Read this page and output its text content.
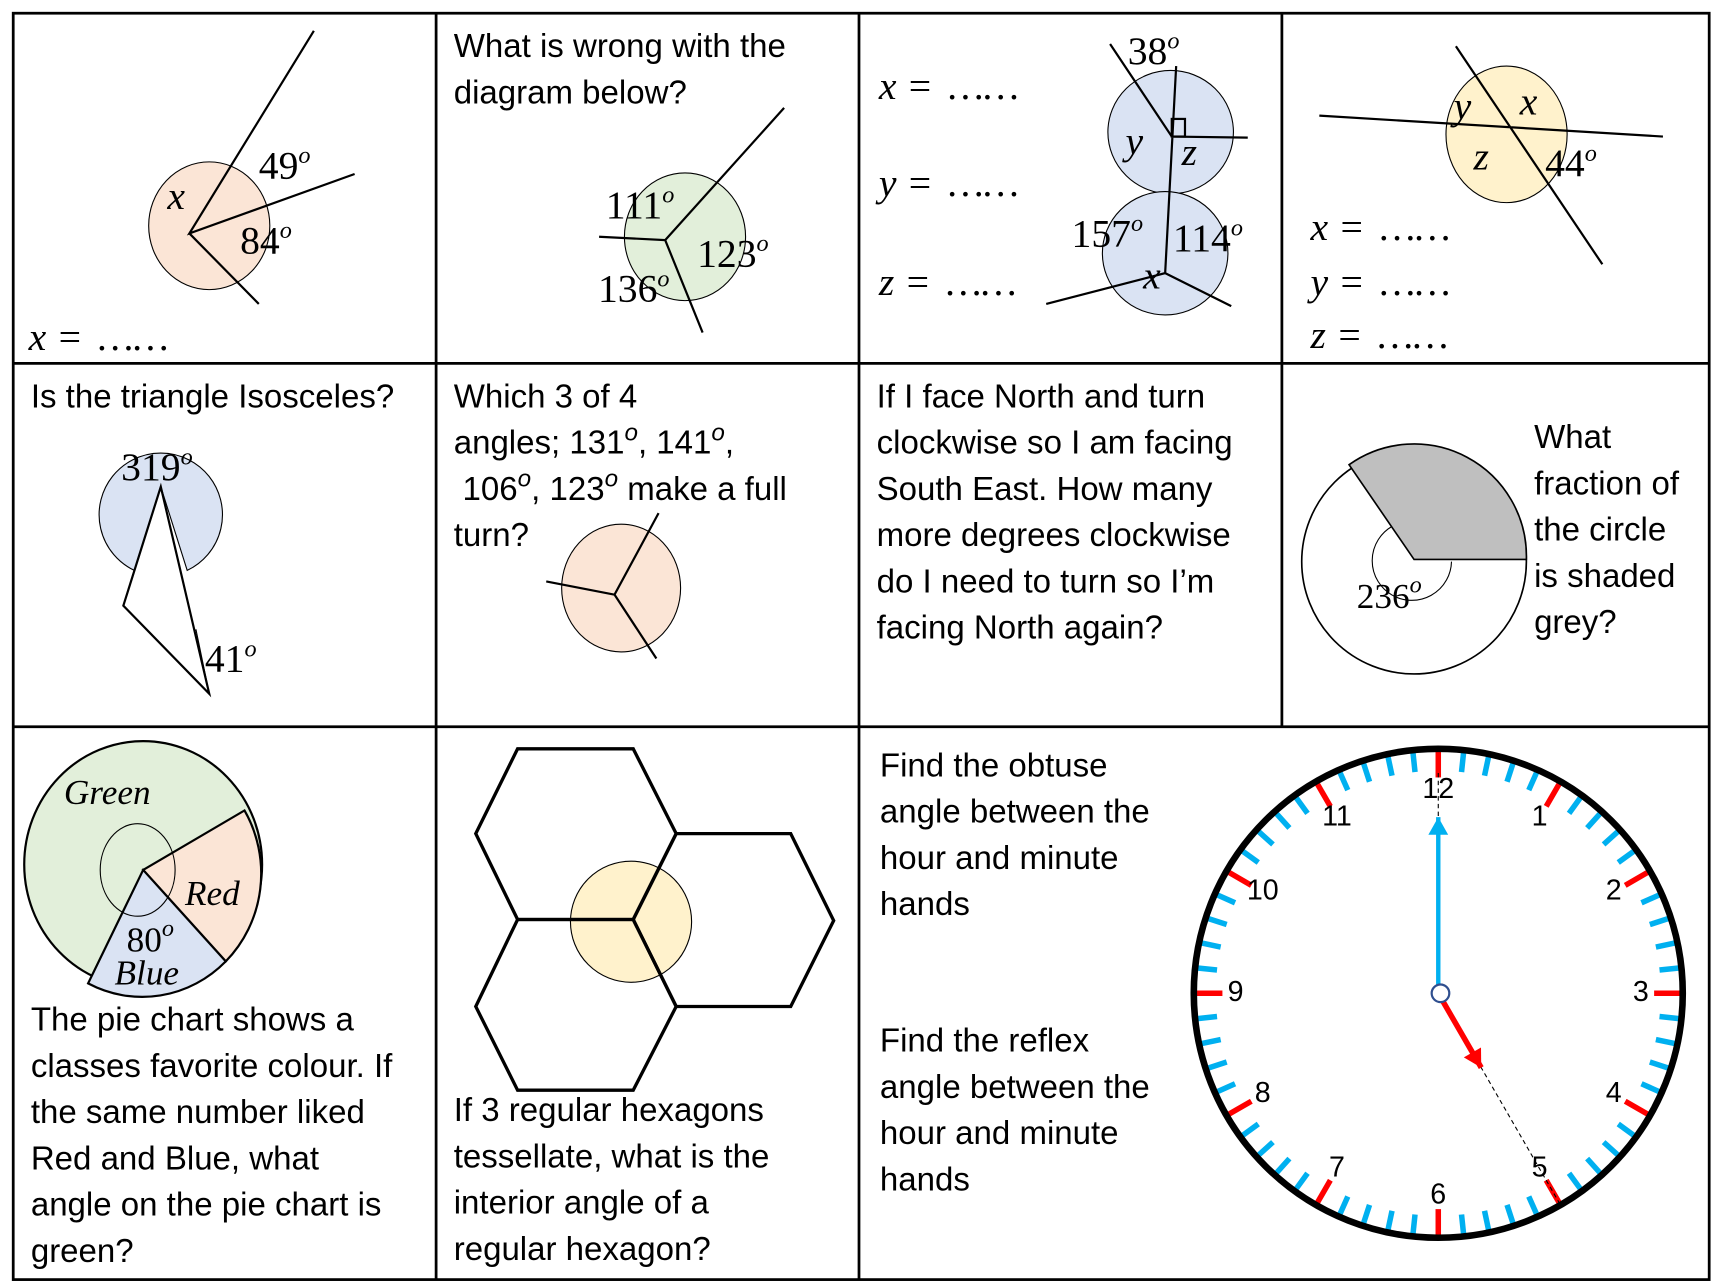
x
49$^o$
84$^o$
x = ……
What is wrong with the
diagram below?
111$^o$
123$^o$
136$^o$
x = ……
y = ……
z = ……
38$^o$
y z
157$^o$ 114$^o$
x
y x
z 44$^o$
x = ……
y = ……
z = ……
Is the triangle Isosceles?
319$^o$
41$^o$
Which 3 of 4
angles; 131$^o$, 141$^o$,
106$^o$, 123$^o$ make a full
turn?
If I face North and turn
clockwise so I am facing
South East. How many
more degrees clockwise
do I need to turn so I’m
facing North again?
236$^o$
What
fraction of
the circle
is shaded
grey?
Green
Red
80$^o$
Blue
The pie chart shows a
classes favorite colour. If
the same number liked
Red and Blue, what
angle on the pie chart is
green?
If 3 regular hexagons
tessellate, what is the
interior angle of a
regular hexagon?
12
1
2
3
4
5
6
7
8
9
10
11
Find the obtuse
angle between the
hour and minute
hands
Find the reflex
angle between the
hour and minute
hands
